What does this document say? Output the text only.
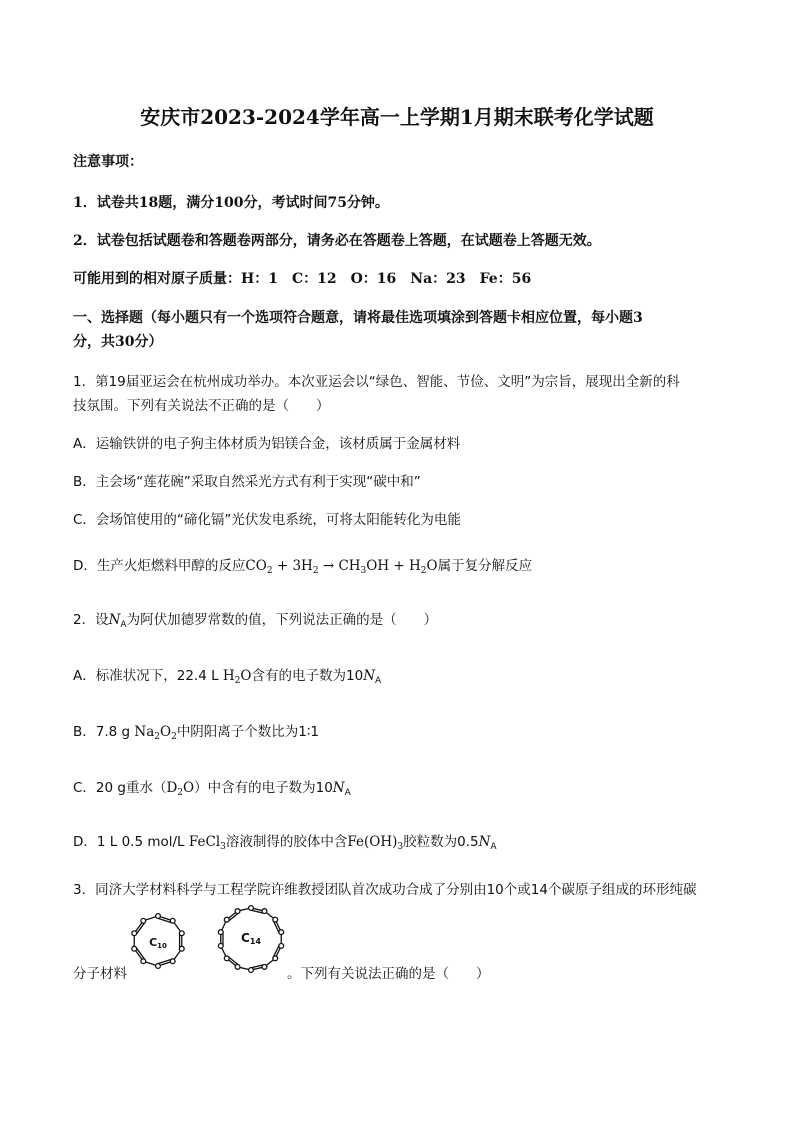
安庆市2023-2024学年高一上学期1月期末联考化学试题
注意事项：
1．试卷共18题，满分100分，考试时间75分钟。
2．试卷包括试题卷和答题卷两部分，请务必在答题卷上答题，在试题卷上答题无效。
可能用到的相对原子质量：H：1　C：12　O：16　Na：23　Fe：56
一、选择题（每小题只有一个选项符合题意，请将最佳选项填涂到答题卡相应位置，每小题3
分，共30分）
1．第19届亚运会在杭州成功举办。本次亚运会以“绿色、智能、节俭、文明”为宗旨，展现出全新的科
技氛围。下列有关说法不正确的是（　　）
A．运输铁饼的电子狗主体材质为铝镁合金，该材质属于金属材料
B．主会场“莲花碗”采取自然采光方式有利于实现“碳中和”
C．会场馆使用的“碲化镉”光伏发电系统，可将太阳能转化为电能
D．生产火炬燃料甲醇的反应$CO_2 + 3H_2 \to CH_3OH + H_2O$属于复分解反应
2．设$N_A$为阿伏加德罗常数的值，下列说法正确的是（　　）
A．标准状况下，22.4 L $H_2O$含有的电子数为$10N_A$
B．7.8 g $Na_2O_2$中阴阳离子个数比为1∶1
C．20 g重水$(D_2O)$中含有的电子数为$10N_A$
D．1 L 0.5 mol/L FeCl$_3$溶液制得的胶体中含$Fe(OH)_3$胶粒数为$0.5N_A$
3．同济大学材料科学与工程学院许维教授团队首次成功合成了分别由10个或14个碳原子组成的环形纯碳
C10
C14
分子材料	。下列有关说法正确的是（　　）
